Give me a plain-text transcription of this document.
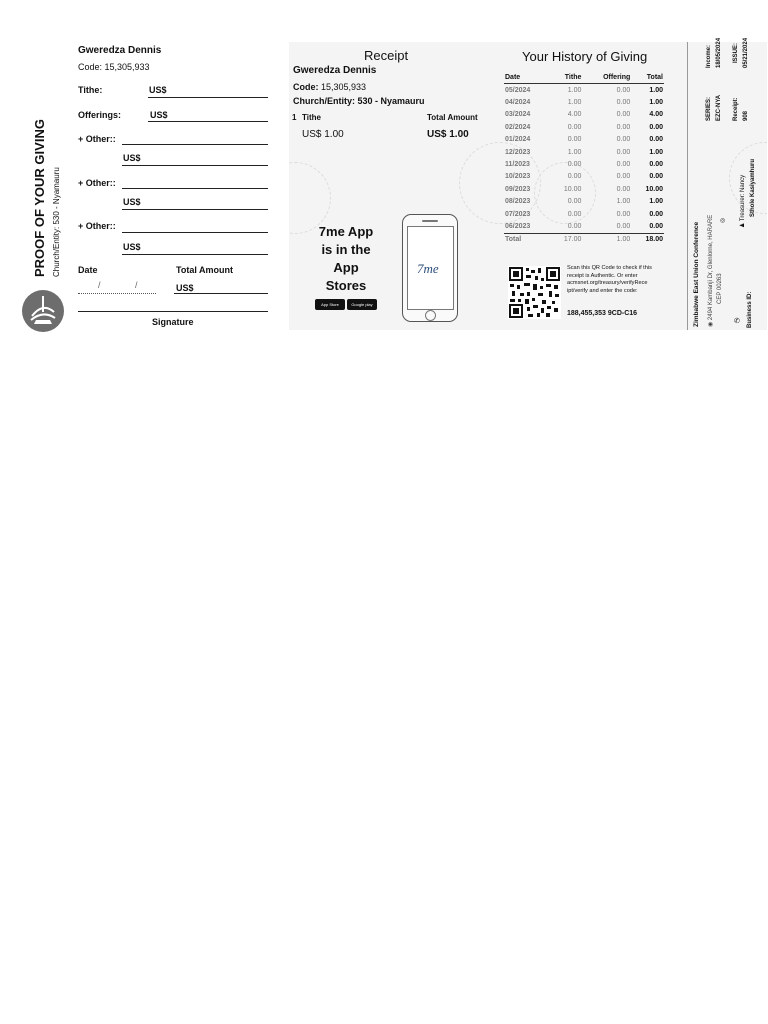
Gweredza Dennis
Code: 15,305,933
Tithe:	US$
Offerings:	US$
+ Other::
US$
+ Other::
US$
+ Other::
US$
Date	Total Amount
/ / US$
Signature
PROOF OF YOUR GIVING Church/Entity: 530 - Nyamauru
Receipt
Gweredza Dennis
Code: 15,305,933
Church/Entity: 530 - Nyamauru
1 Tithe	Total Amount
US$ 1.00	US$ 1.00
7me App
is in the
App
Stores
App Store	Google play
7me
Your History of Giving
Date	Tithe	Offering	Total
05/2024	1.00	0.00	1.00
04/2024	1.00	0.00	1.00
03/2024	4.00	0.00	4.00
02/2024	0.00	0.00	0.00
01/2024	0.00	0.00	0.00
12/2023	1.00	0.00	1.00
11/2023	0.00	0.00	0.00
10/2023	0.00	0.00	0.00
09/2023	10.00	0.00	10.00
08/2023	0.00	1.00	1.00
07/2023	0.00	0.00	0.00
06/2023	0.00	0.00	0.00
Total	17.00	1.00	18.00
Scan this QR Code to check if this receipt is Authentic. Or enter acmsnet.org/treasury/verifyRece ipt/verify and enter the code:
188,455,353 9CD-C16
Income: 18/05/2024 ISSUE: 05/21/2024
SERIES: EZC-NYA Receipt: 908
♟ Treasurer: Nancy Sthole Kasiyamhuru
Zimbabwe East Union Conference ◉ 2494 Kambanji Dr, Glenlorne, HARARE CEP 00263
◎
✆ Business ID:
